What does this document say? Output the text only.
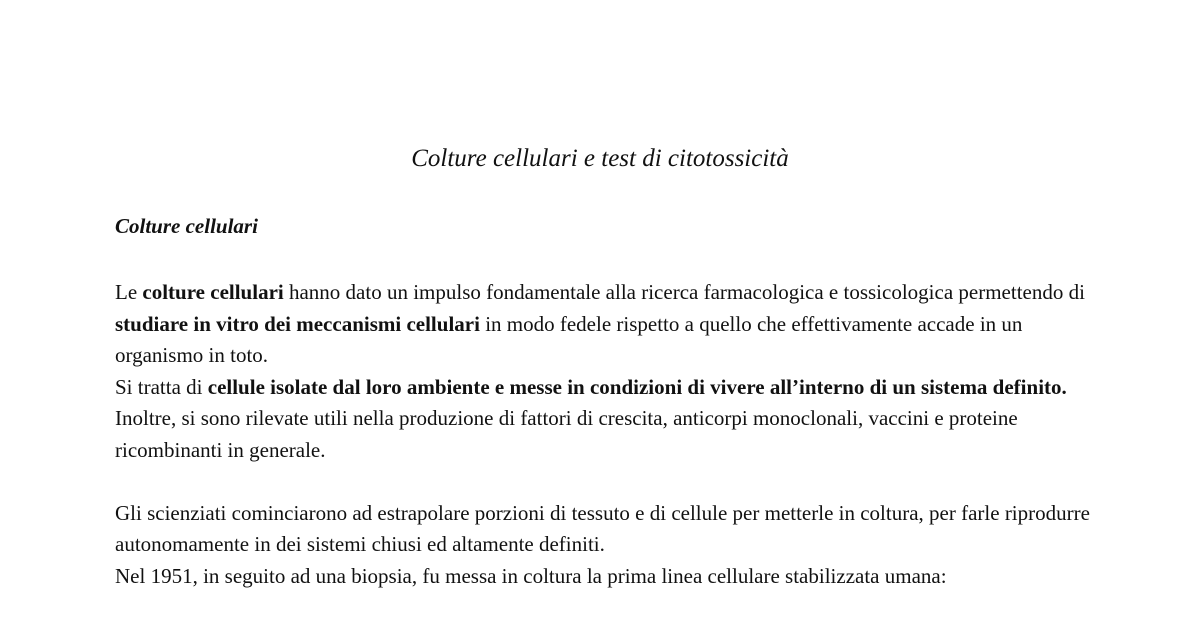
Colture cellulari e test di citotossicità
Colture cellulari

Le colture cellulari hanno dato un impulso fondamentale alla ricerca farmacologica e tossicologica permettendo di studiare in vitro dei meccanismi cellulari in modo fedele rispetto a quello che effettivamente accade in un organismo in toto.

Si tratta di cellule isolate dal loro ambiente e messe in condizioni di vivere all’interno di un sistema definito.

Inoltre, si sono rilevate utili nella produzione di fattori di crescita, anticorpi monoclonali, vaccini e proteine ricombinanti in generale.

Gli scienziati cominciarono ad estrapolare porzioni di tessuto e di cellule per metterle in coltura, per farle riprodurre autonomamente in dei sistemi chiusi ed altamente definiti.

Nel 1951, in seguito ad una biopsia, fu messa in coltura la prima linea cellulare stabilizzata umana:
